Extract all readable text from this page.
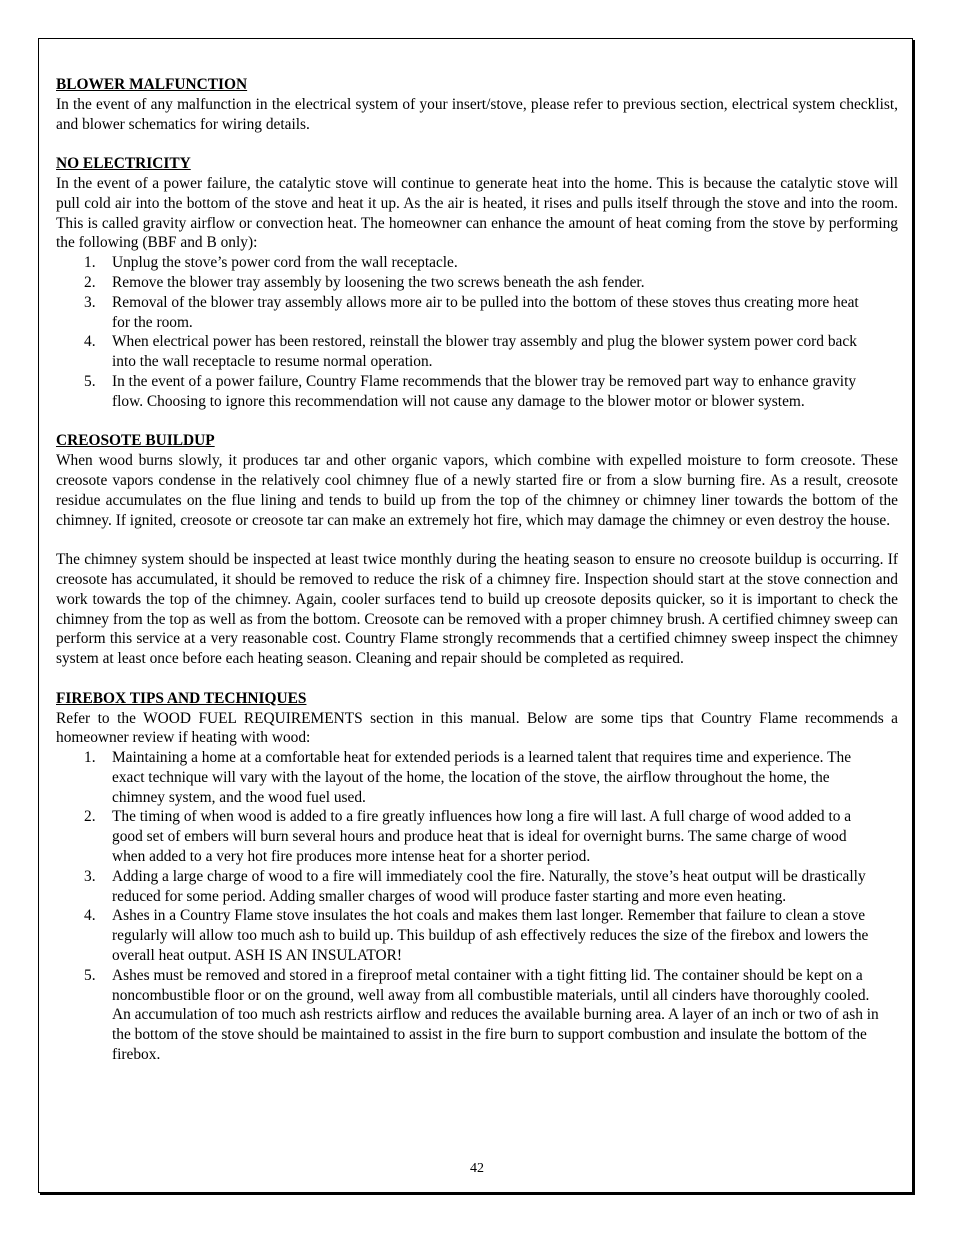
BLOWER MALFUNCTION

In the event of any malfunction in the electrical system of your insert/stove, please refer to previous section, electrical system checklist, and blower schematics for wiring details.

NO ELECTRICITY

In the event of a power failure, the catalytic stove will continue to generate heat into the home. This is because the catalytic stove will pull cold air into the bottom of the stove and heat it up. As the air is heated, it rises and pulls itself through the stove and into the room. This is called gravity airflow or convection heat. The homeowner can enhance the amount of heat coming from the stove by performing the following (BBF and B only):

1. Unplug the stove’s power cord from the wall receptacle.
2. Remove the blower tray assembly by loosening the two screws beneath the ash fender.
3. Removal of the blower tray assembly allows more air to be pulled into the bottom of these stoves thus creating more heat for the room.
4. When electrical power has been restored, reinstall the blower tray assembly and plug the blower system power cord back into the wall receptacle to resume normal operation.
5. In the event of a power failure, Country Flame recommends that the blower tray be removed part way to enhance gravity flow. Choosing to ignore this recommendation will not cause any damage to the blower motor or blower system.

CREOSOTE BUILDUP

When wood burns slowly, it produces tar and other organic vapors, which combine with expelled moisture to form creosote. These creosote vapors condense in the relatively cool chimney flue of a newly started fire or from a slow burning fire. As a result, creosote residue accumulates on the flue lining and tends to build up from the top of the chimney or chimney liner towards the bottom of the chimney. If ignited, creosote or creosote tar can make an extremely hot fire, which may damage the chimney or even destroy the house.

The chimney system should be inspected at least twice monthly during the heating season to ensure no creosote buildup is occurring. If creosote has accumulated, it should be removed to reduce the risk of a chimney fire. Inspection should start at the stove connection and work towards the top of the chimney. Again, cooler surfaces tend to build up creosote deposits quicker, so it is important to check the chimney from the top as well as from the bottom. Creosote can be removed with a proper chimney brush. A certified chimney sweep can perform this service at a very reasonable cost. Country Flame strongly recommends that a certified chimney sweep inspect the chimney system at least once before each heating season. Cleaning and repair should be completed as required.

FIREBOX TIPS AND TECHNIQUES

Refer to the WOOD FUEL REQUIREMENTS section in this manual. Below are some tips that Country Flame recommends a homeowner review if heating with wood:

1. Maintaining a home at a comfortable heat for extended periods is a learned talent that requires time and experience. The exact technique will vary with the layout of the home, the location of the stove, the airflow throughout the home, the chimney system, and the wood fuel used.
2. The timing of when wood is added to a fire greatly influences how long a fire will last. A full charge of wood added to a good set of embers will burn several hours and produce heat that is ideal for overnight burns. The same charge of wood when added to a very hot fire produces more intense heat for a shorter period.
3. Adding a large charge of wood to a fire will immediately cool the fire. Naturally, the stove’s heat output will be drastically reduced for some period. Adding smaller charges of wood will produce faster starting and more even heating.
4. Ashes in a Country Flame stove insulates the hot coals and makes them last longer. Remember that failure to clean a stove regularly will allow too much ash to build up. This buildup of ash effectively reduces the size of the firebox and lowers the overall heat output. ASH IS AN INSULATOR!
5. Ashes must be removed and stored in a fireproof metal container with a tight fitting lid. The container should be kept on a noncombustible floor or on the ground, well away from all combustible materials, until all cinders have thoroughly cooled. An accumulation of too much ash restricts airflow and reduces the available burning area. A layer of an inch or two of ash in the bottom of the stove should be maintained to assist in the fire burn to support combustion and insulate the bottom of the firebox.
42
